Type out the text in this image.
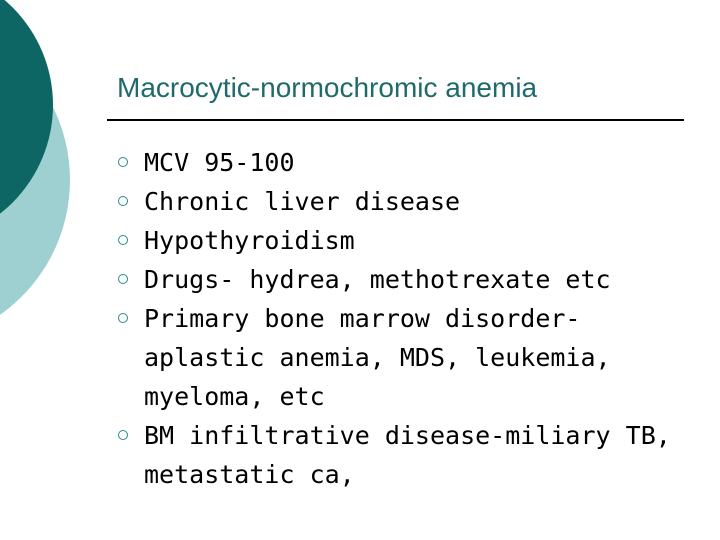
Macrocytic-normochromic anemia
MCV 95-100
Chronic liver disease
Hypothyroidism
Drugs- hydrea, methotrexate etc
Primary bone marrow disorder-
aplastic anemia, MDS, leukemia,
myeloma, etc
BM infiltrative disease-miliary TB,
metastatic ca,
